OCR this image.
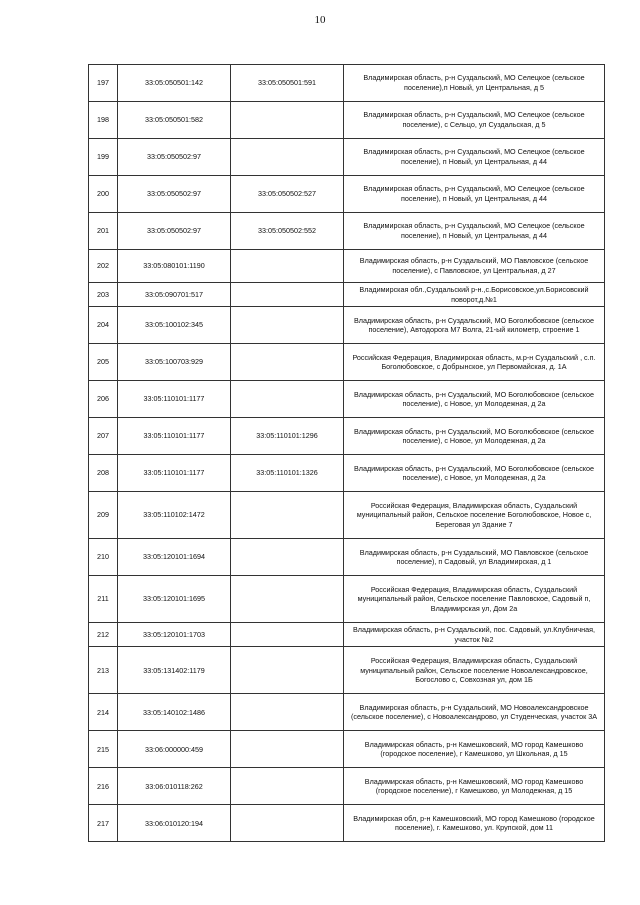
10
197	33:05:050501:142	33:05:050501:591	Владимирская область, р-н Суздальский, МО Селецкое (сельское поселение),п Новый, ул Центральная, д 5
198	33:05:050501:582		Владимирская область, р-н Суздальский, МО Селецкое (сельское поселение), с Сельцо, ул Суздальская, д 5
199	33:05:050502:97		Владимирская область, р-н Суздальский, МО Селецкое (сельское поселение), п Новый, ул Центральная, д 44
200	33:05:050502:97	33:05:050502:527	Владимирская область, р-н Суздальский, МО Селецкое (сельское поселение), п Новый, ул Центральная, д 44
201	33:05:050502:97	33:05:050502:552	Владимирская область, р-н Суздальский, МО Селецкое (сельское поселение), п Новый, ул Центральная, д 44
202	33:05:080101:1190		Владимирская область, р-н Суздальский, МО Павловское (сельское поселение), с Павловское, ул Центральная, д 27
203	33:05:090701:517		Владимирская обл.,Суздальский р-н.,с.Борисовское,ул.Борисовский поворот,д.№1
204	33:05:100102:345		Владимирская область, р-н Суздальский, МО Боголюбовское (сельское поселение), Автодорога М7 Волга, 21-ый километр, строение 1
205	33:05:100703:929		Российская Федерация, Владимирская область, м.р-н Суздальский , с.п. Боголюбовское, с Добрынское, ул Первомайская, д. 1А
206	33:05:110101:1177		Владимирская область, р-н Суздальский, МО Боголюбовское (сельское поселение), с Новое, ул Молодежная, д 2а
207	33:05:110101:1177	33:05:110101:1296	Владимирская область, р-н Суздальский, МО Боголюбовское (сельское поселение), с Новое, ул Молодежная, д 2а
208	33:05:110101:1177	33:05:110101:1326	Владимирская область, р-н Суздальский, МО Боголюбовское (сельское поселение), с Новое, ул Молодежная, д 2а
209	33:05:110102:1472		Российская Федерация, Владимирская область, Суздальский муниципальный район, Сельское поселение Боголюбовское, Новое с, Береговая ул Здание 7
210	33:05:120101:1694		Владимирская область, р-н Суздальский, МО Павловское (сельское поселение), п Садовый, ул Владимирская, д 1
211	33:05:120101:1695		Российская Федерация, Владимирская область, Суздальский муниципальный район, Сельское поселение Павловское, Садовый п, Владимирская ул, Дом 2а
212	33:05:120101:1703		Владимирская область, р-н Суздальский, пос. Садовый, ул.Клубничная, участок №2
213	33:05:131402:1179		Российская Федерация, Владимирская область, Суздальский муниципальный район, Сельское поселение Новоалександровское, Богослово с, Совхозная ул, дом 1Б
214	33:05:140102:1486		Владимирская область, р-н Суздальский, МО Новоалександровское (сельское поселение), с Новоалександрово, ул Студенческая, участок 3А
215	33:06:000000:459		Владимирская область, р-н Камешковский, МО город Камешково (городское поселение), г Камешково, ул Школьная, д 15
216	33:06:010118:262		Владимирская область, р-н Камешковский, МО город Камешково (городское поселение), г Камешково, ул Молодежная, д 15
217	33:06:010120:194		Владимирская обл, р-н Камешковский, МО город Камешково (городское поселение), г. Камешково, ул. Крупской, дом 11
